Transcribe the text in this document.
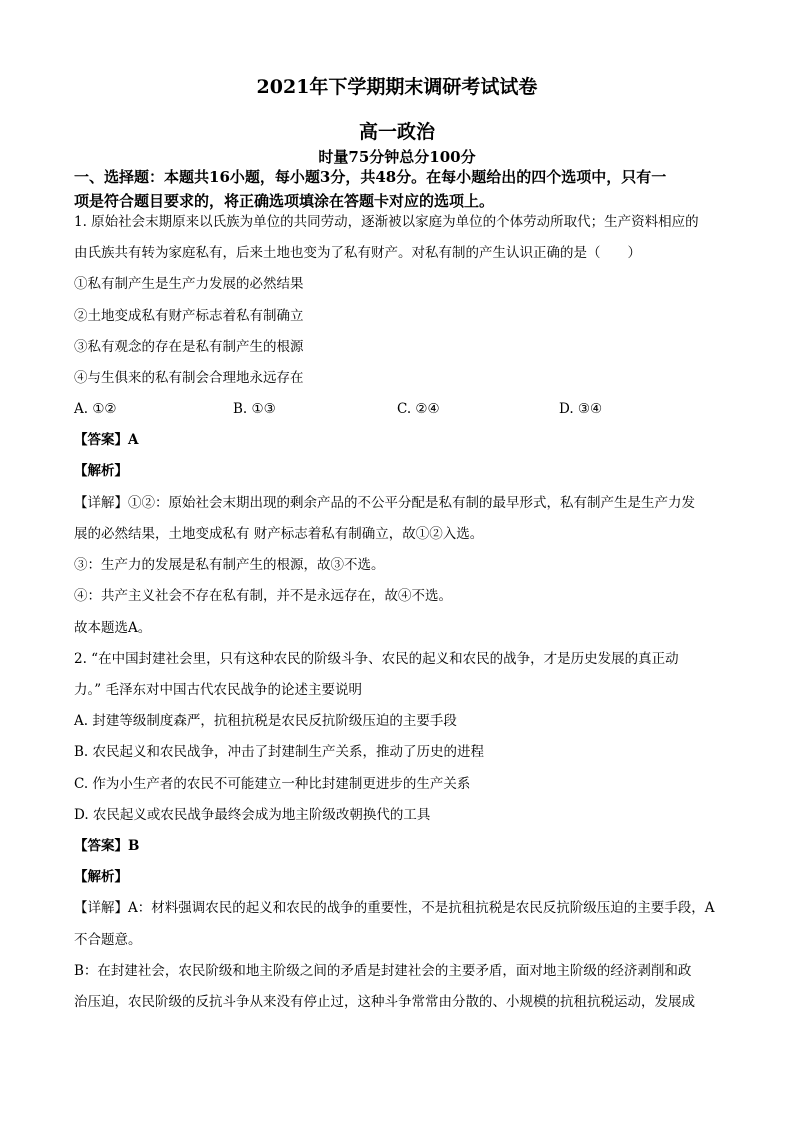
2021年下学期期末调研考试试卷
高一政治
时量75分钟总分100分
一、选择题：本题共16小题，每小题3分，共48分。在每小题给出的四个选项中，只有一
项是符合题目要求的，将正确选项填涂在答题卡对应的选项上。
1. 原始社会末期原来以氏族为单位的共同劳动，逐渐被以家庭为单位的个体劳动所取代；生产资料相应的
由氏族共有转为家庭私有，后来土地也变为了私有财产。对私有制的产生认识正确的是（　　）
①私有制产生是生产力发展的必然结果
②土地变成私有财产标志着私有制确立
③私有观念的存在是私有制产生的根源
④与生俱来的私有制会合理地永远存在
A. ①②	B. ①③	C. ②④	D. ③④
【答案】A
【解析】
【详解】①②：原始社会末期出现的剩余产品的不公平分配是私有制的最早形式，私有制产生是生产力发
展的必然结果，土地变成私有 财产标志着私有制确立，故①②入选。
③：生产力的发展是私有制产生的根源，故③不选。
④：共产主义社会不存在私有制，并不是永远存在，故④不选。
故本题选A。
2. “在中国封建社会里，只有这种农民的阶级斗争、农民的起义和农民的战争，才是历史发展的真正动
力。” 毛泽东对中国古代农民战争的论述主要说明
A. 封建等级制度森严，抗租抗税是农民反抗阶级压迫的主要手段
B. 农民起义和农民战争，冲击了封建制生产关系，推动了历史的进程
C. 作为小生产者的农民不可能建立一种比封建制更进步的生产关系
D. 农民起义或农民战争最终会成为地主阶级改朝换代的工具
【答案】B
【解析】
【详解】A：材料强调农民的起义和农民的战争的重要性，不是抗租抗税是农民反抗阶级压迫的主要手段，A
不合题意。
B：在封建社会，农民阶级和地主阶级之间的矛盾是封建社会的主要矛盾，面对地主阶级的经济剥削和政
治压迫，农民阶级的反抗斗争从来没有停止过，这种斗争常常由分散的、小规模的抗租抗税运动，发展成
